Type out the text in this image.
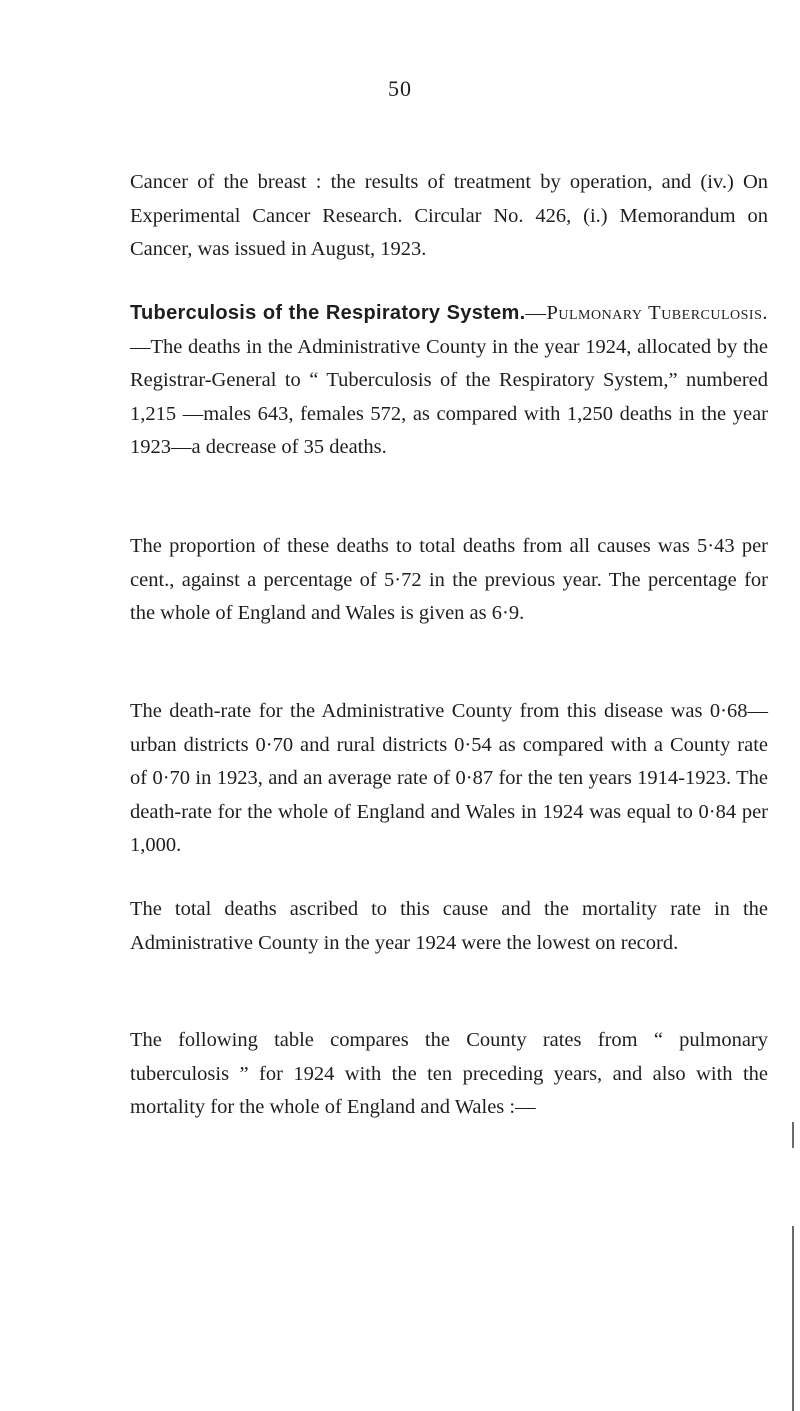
50
Cancer of the breast : the results of treatment by operation, and (iv.) On Experimental Cancer Research. Circular No. 426, (i.) Memorandum on Cancer, was issued in August, 1923.
Tuberculosis of the Respiratory System.—Pulmonary Tuberculosis.—The deaths in the Administrative County in the year 1924, allocated by the Registrar-General to “ Tuberculosis of the Respiratory System,” numbered 1,215 —males 643, females 572, as compared with 1,250 deaths in the year 1923—a decrease of 35 deaths.
The proportion of these deaths to total deaths from all causes was 5·43 per cent., against a percentage of 5·72 in the previous year. The percentage for the whole of England and Wales is given as 6·9.
The death-rate for the Administrative County from this disease was 0·68—urban districts 0·70 and rural districts 0·54 as compared with a County rate of 0·70 in 1923, and an average rate of 0·87 for the ten years 1914-1923. The death-rate for the whole of England and Wales in 1924 was equal to 0·84 per 1,000.
The total deaths ascribed to this cause and the mortality rate in the Administrative County in the year 1924 were the lowest on record.
The following table compares the County rates from “ pulmonary tuberculosis ” for 1924 with the ten preceding years, and also with the mortality for the whole of England and Wales :—
